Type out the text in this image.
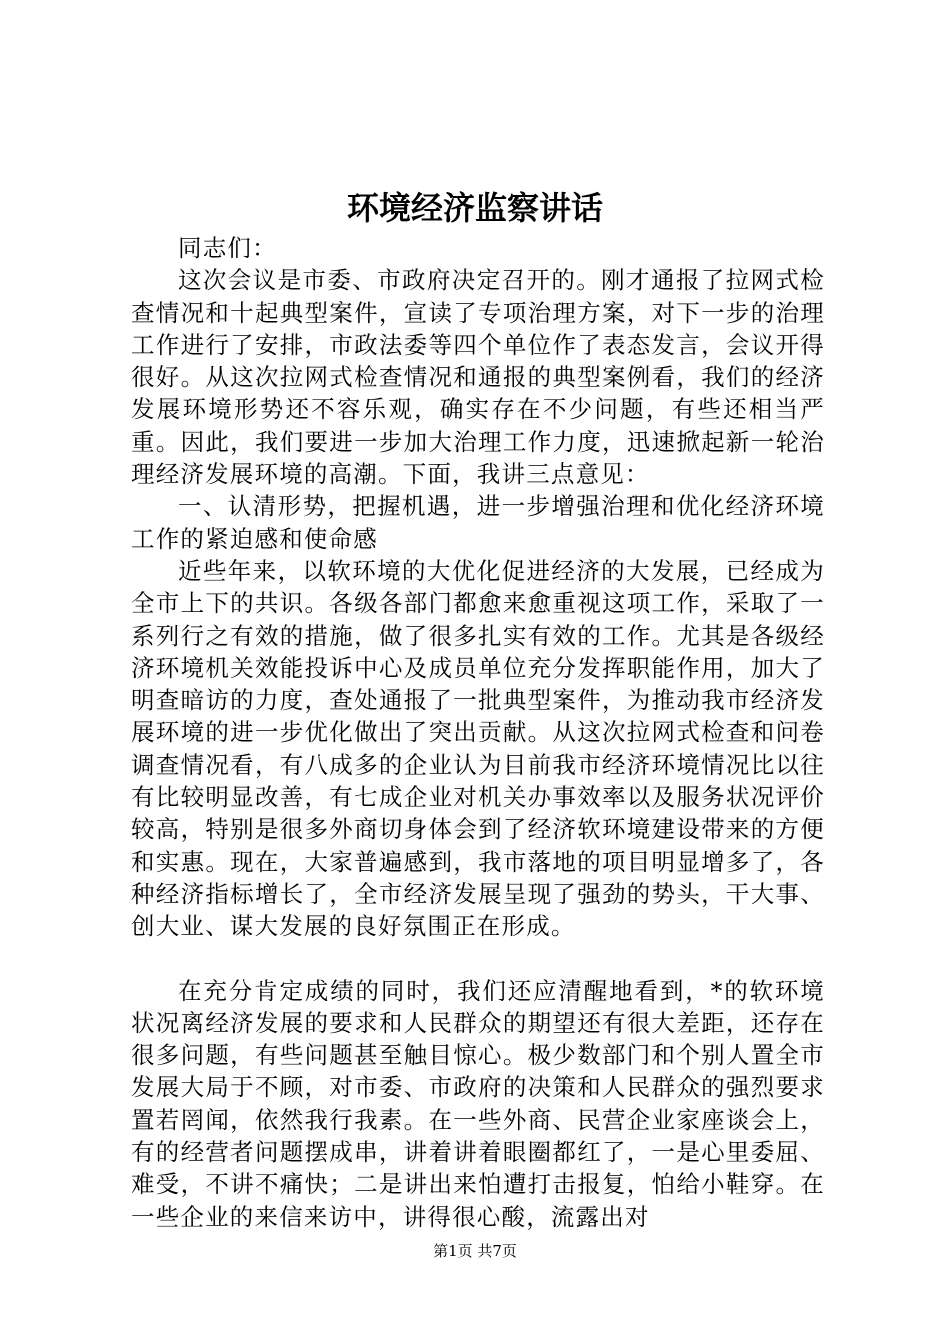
环境经济监察讲话

同志们：

这次会议是市委、市政府决定召开的。刚才通报了拉网式检查情况和十起典型案件，宣读了专项治理方案，对下一步的治理工作进行了安排，市政法委等四个单位作了表态发言，会议开得很好。从这次拉网式检查情况和通报的典型案例看，我们的经济发展环境形势还不容乐观，确实存在不少问题，有些还相当严重。因此，我们要进一步加大治理工作力度，迅速掀起新一轮治理经济发展环境的高潮。下面，我讲三点意见：

一、认清形势，把握机遇，进一步增强治理和优化经济环境工作的紧迫感和使命感

近些年来，以软环境的大优化促进经济的大发展，已经成为全市上下的共识。各级各部门都愈来愈重视这项工作，采取了一系列行之有效的措施，做了很多扎实有效的工作。尤其是各级经济环境机关效能投诉中心及成员单位充分发挥职能作用，加大了明查暗访的力度，查处通报了一批典型案件，为推动我市经济发展环境的进一步优化做出了突出贡献。从这次拉网式检查和问卷调查情况看，有八成多的企业认为目前我市经济环境情况比以往有比较明显改善，有七成企业对机关办事效率以及服务状况评价较高，特别是很多外商切身体会到了经济软环境建设带来的方便和实惠。现在，大家普遍感到，我市落地的项目明显增多了，各种经济指标增长了，全市经济发展呈现了强劲的势头，干大事、创大业、谋大发展的良好氛围正在形成。

在充分肯定成绩的同时，我们还应清醒地看到，*的软环境状况离经济发展的要求和人民群众的期望还有很大差距，还存在很多问题，有些问题甚至触目惊心。极少数部门和个别人置全市发展大局于不顾，对市委、市政府的决策和人民群众的强烈要求置若罔闻，依然我行我素。在一些外商、民营企业家座谈会上，有的经营者问题摆成串，讲着讲着眼圈都红了，一是心里委屈、难受，不讲不痛快；二是讲出来怕遭打击报复，怕给小鞋穿。在一些企业的来信来访中，讲得很心酸，流露出对

第1页 共7页
